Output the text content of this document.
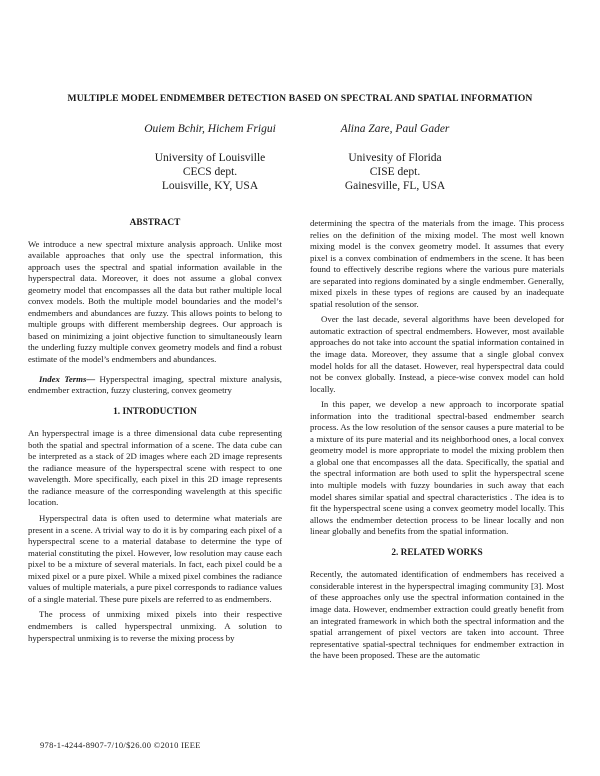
MULTIPLE MODEL ENDMEMBER DETECTION BASED ON SPECTRAL AND SPATIAL INFORMATION
Ouiem Bchir, Hichem Frigui	Alina Zare, Paul Gader
University of Louisville
CECS dept.
Louisville, KY, USA
Univesity of Florida
CISE dept.
Gainesville, FL, USA

ABSTRACT

We introduce a new spectral mixture analysis approach. Unlike most available approaches that only use the spectral information, this approach uses the spectral and spatial information available in the hyperspectral data. Moreover, it does not assume a global convex geometry model that encompasses all the data but rather multiple local convex models. Both the multiple model boundaries and the model’s endmembers and abundances are fuzzy. This allows points to belong to multiple groups with different membership degrees. Our approach is based on minimizing a joint objective function to simultaneously learn the underling fuzzy multiple convex geometry models and find a robust estimate of the model’s endmembers and abundances.

Index Terms— Hyperspectral imaging, spectral mixture analysis, endmember extraction, fuzzy clustering, convex geometry

1. INTRODUCTION

An hyperspectral image is a three dimensional data cube representing both the spatial and spectral information of a scene. The data cube can be interpreted as a stack of 2D images where each 2D image represents the radiance measure of the hyperspectral scene with respect to one wavelength. More specifically, each pixel in this 2D image represents the radiance measure of the corresponding wavelength at this specific location.

Hyperspectral data is often used to determine what materials are present in a scene. A trivial way to do it is by comparing each pixel of a hyperspectral scene to a material database to determine the type of material constituting the pixel. However, low resolution may cause each pixel to be a mixture of several materials. In fact, each pixel could be a mixed pixel or a pure pixel. While a mixed pixel combines the radiance values of multiple materials, a pure pixel corresponds to radiance values of a single material. These pure pixels are referred to as endmembers.

The process of unmixing mixed pixels into their respective endmembers is called hyperspectral unmixing. A solution to hyperspectral unmixing is to reverse the mixing process by

determining the spectra of the materials from the image. This process relies on the definition of the mixing model. The most well known mixing model is the convex geometry model. It assumes that every pixel is a convex combination of endmembers in the scene. It has been found to effectively describe regions where the various pure materials are separated into regions dominated by a single endmember. Generally, mixed pixels in these types of regions are caused by an inadequate spatial resolution of the sensor.

Over the last decade, several algorithms have been developed for automatic extraction of spectral endmembers. However, most available approaches do not take into account the spatial information contained in the image data. Moreover, they assume that a single global convex model holds for all the dataset. However, real hyperspectral data could not be convex globally. Instead, a piece-wise convex model can hold locally.

In this paper, we develop a new approach to incorporate spatial information into the traditional spectral-based endmember search process. As the low resolution of the sensor causes a pure material to be a mixture of its pure material and its neighborhood ones, a local convex geometry model is more appropriate to model the mixing problem then a global one that encompasses all the data. Specifically, the spatial and the spectral information are both used to split the hyperspectral scene into multiple models with fuzzy boundaries in such away that each model shares similar spatial and spectral characteristics . The idea is to fit the hyperspectral scene using a convex geometry model locally. This allows the endmember detection process to be linear locally and non linear globally and benefits from the spatial information.

2. RELATED WORKS

Recently, the automated identification of endmembers has received a considerable interest in the hyperspectral imaging community [3]. Most of these approaches only use the spectral information contained in the image data. However, endmember extraction could greatly benefit from an integrated framework in which both the spectral information and the spatial arrangement of pixel vectors are taken into account. Three representative spatial-spectral techniques for endmember extraction in the have been proposed. These are the automatic

978-1-4244-8907-7/10/$26.00 ©2010 IEEE
